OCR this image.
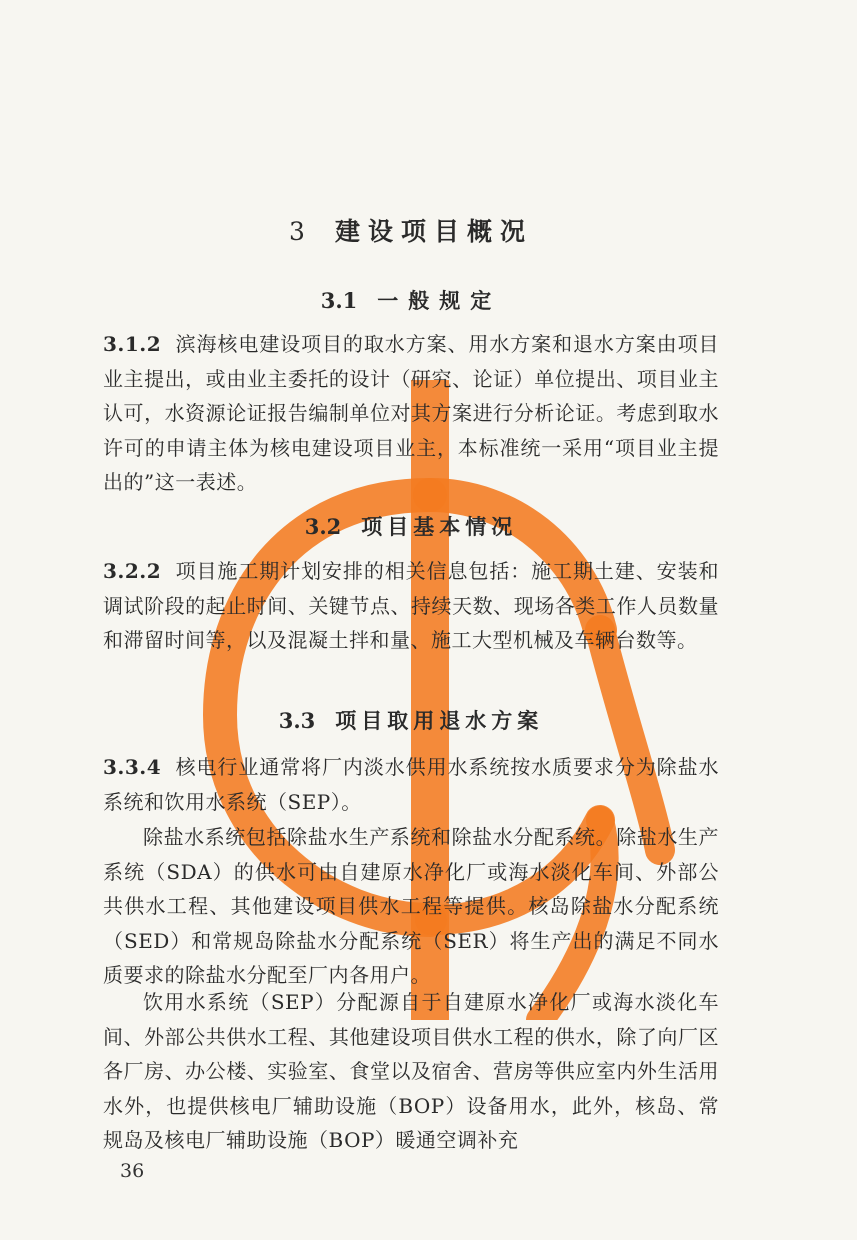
3 建设项目概况
3.1 一般规定

3.1.2 滨海核电建设项目的取水方案、用水方案和退水方案由项目业主提出，或由业主委托的设计（研究、论证）单位提出、项目业主认可，水资源论证报告编制单位对其方案进行分析论证。考虑到取水许可的申请主体为核电建设项目业主，本标准统一采用“项目业主提出的”这一表述。

3.2 项目基本情况

3.2.2 项目施工期计划安排的相关信息包括：施工期土建、安装和调试阶段的起止时间、关键节点、持续天数、现场各类工作人员数量和滞留时间等，以及混凝土拌和量、施工大型机械及车辆台数等。

3.3 项目取用退水方案

3.3.4 核电行业通常将厂内淡水供用水系统按水质要求分为除盐水系统和饮用水系统（SEP）。

除盐水系统包括除盐水生产系统和除盐水分配系统。除盐水生产系统（SDA）的供水可由自建原水净化厂或海水淡化车间、外部公共供水工程、其他建设项目供水工程等提供。核岛除盐水分配系统（SED）和常规岛除盐水分配系统（SER）将生产出的满足不同水质要求的除盐水分配至厂内各用户。

饮用水系统（SEP）分配源自于自建原水净化厂或海水淡化车间、外部公共供水工程、其他建设项目供水工程的供水，除了向厂区各厂房、办公楼、实验室、食堂以及宿舍、营房等供应室内外生活用水外，也提供核电厂辅助设施（BOP）设备用水，此外，核岛、常规岛及核电厂辅助设施（BOP）暖通空调补充

36
